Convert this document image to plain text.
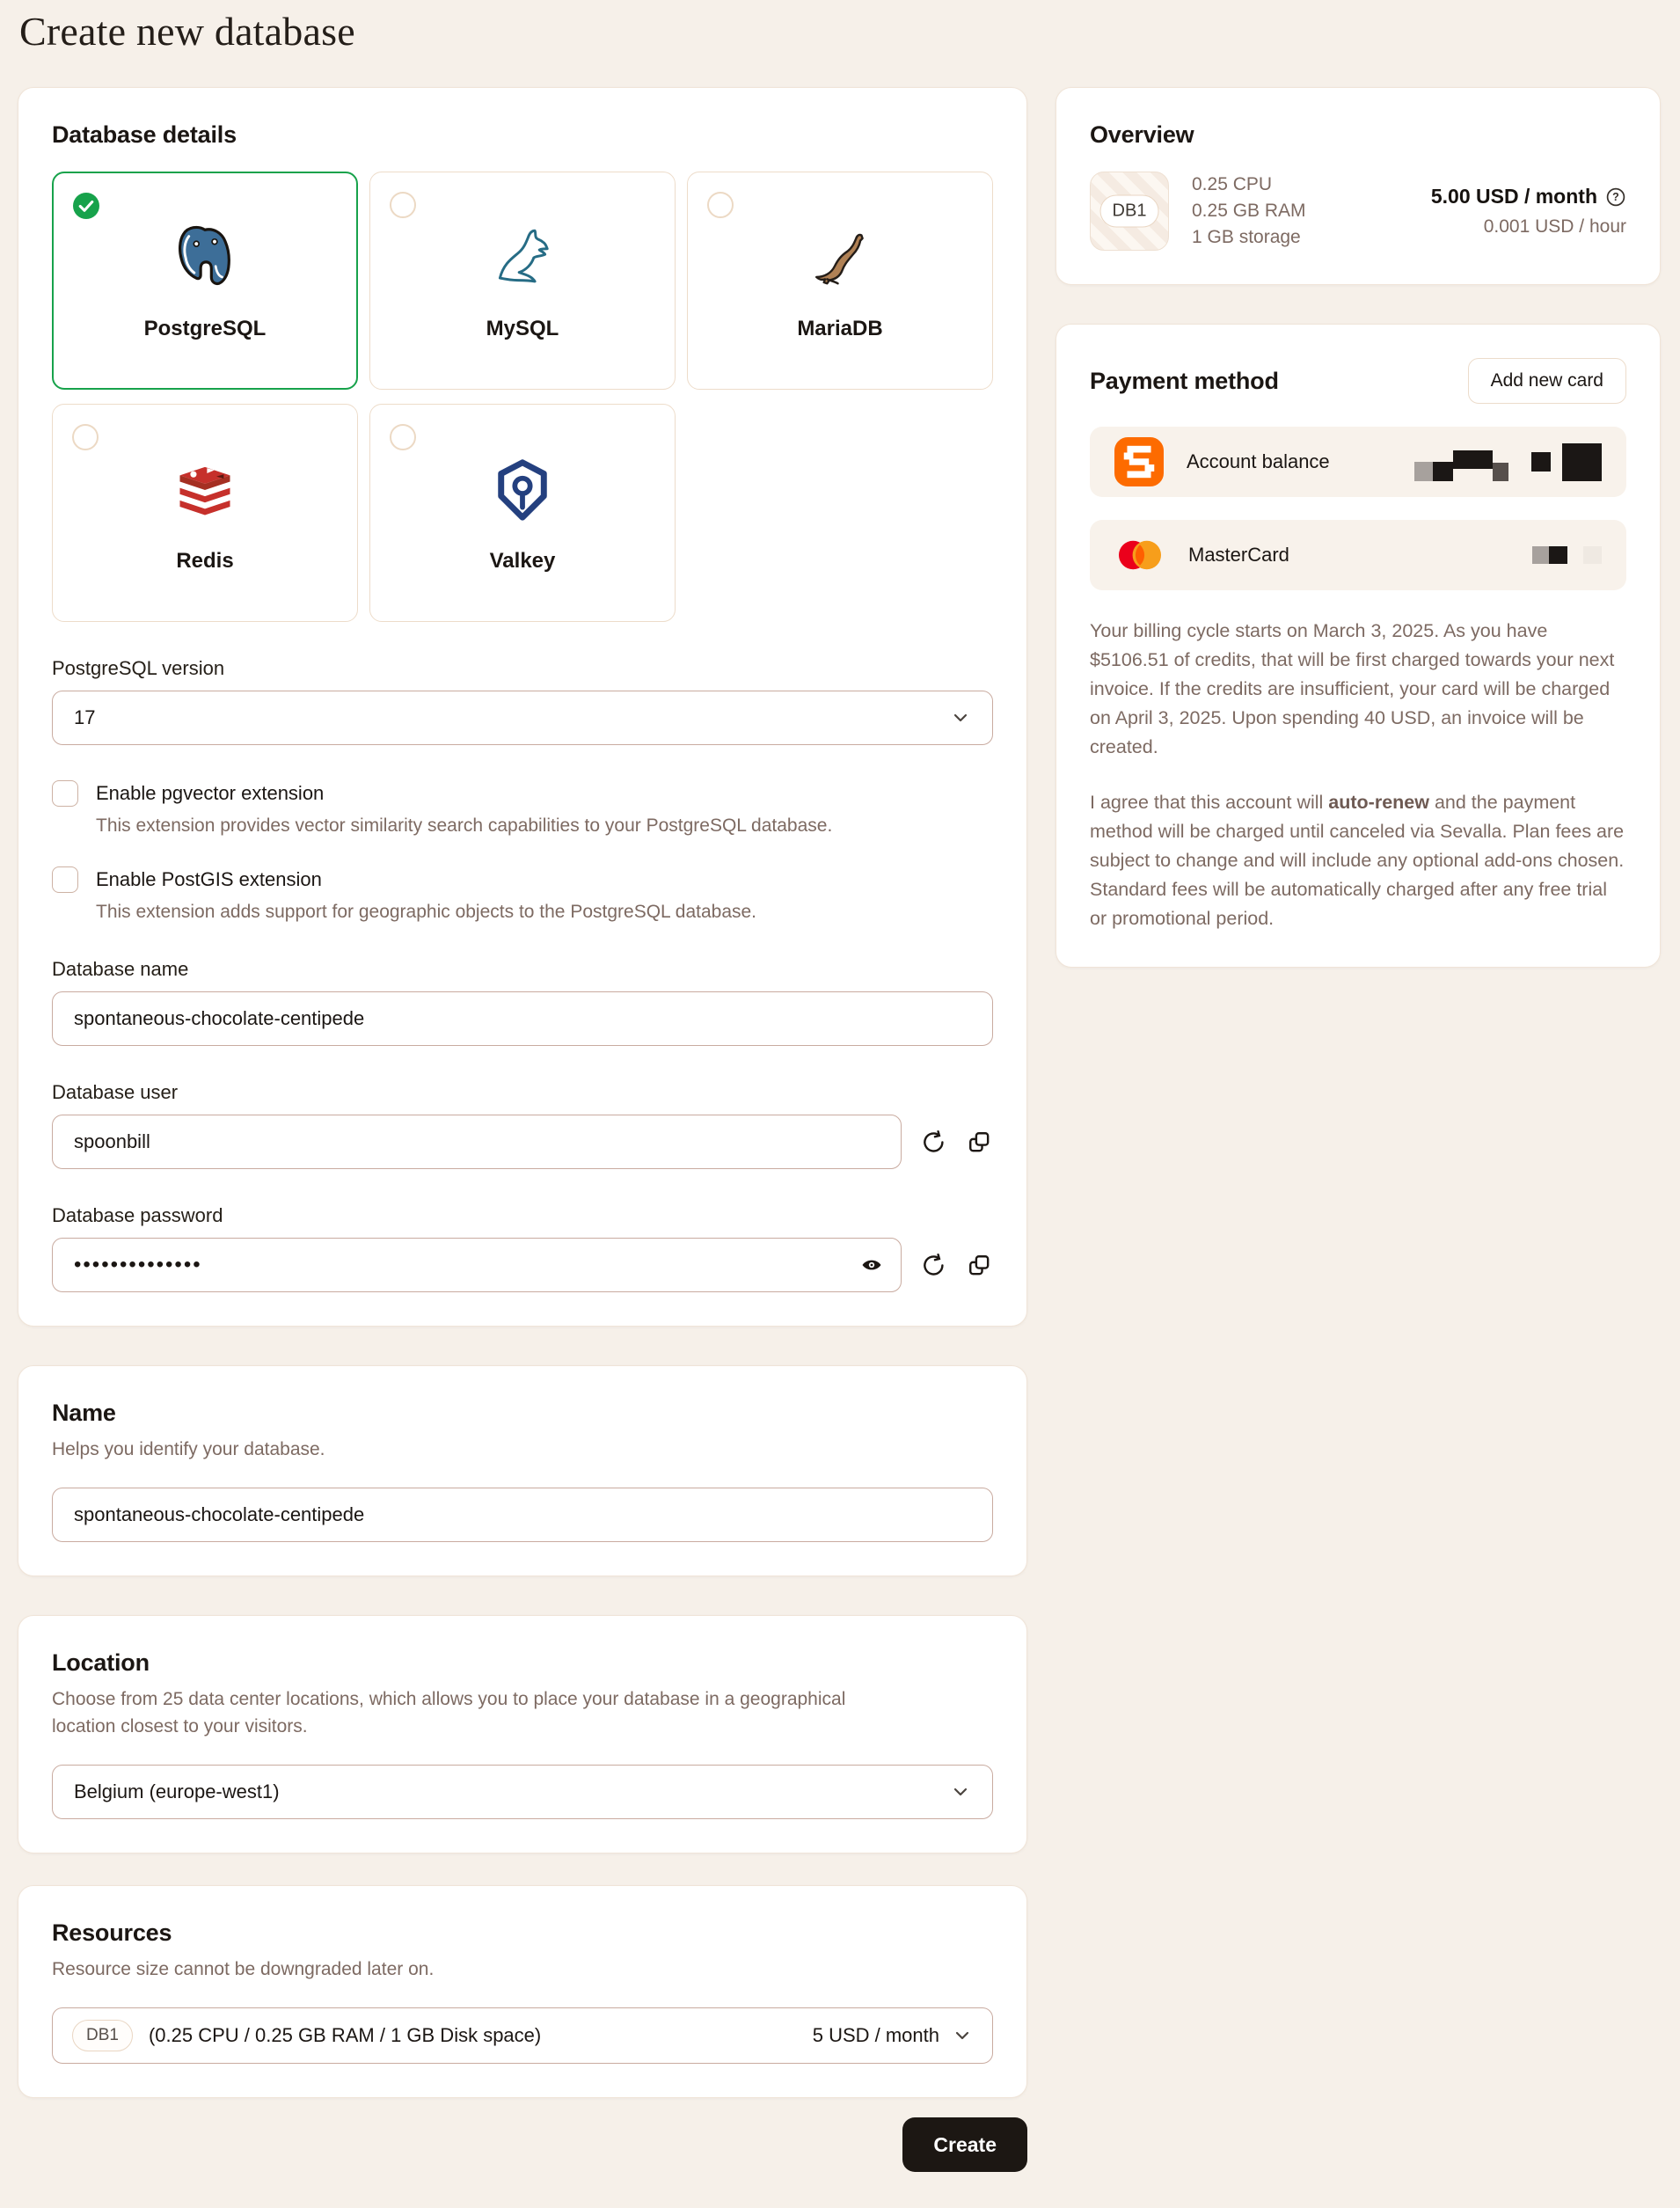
Create new database
Database details
PostgreSQL	MySQL	MariaDB
Redis	Valkey
PostgreSQL version
17
Enable pgvector extension
This extension provides vector similarity search capabilities to your PostgreSQL database.
Enable PostGIS extension
This extension adds support for geographic objects to the PostgreSQL database.
Database name
spontaneous-chocolate-centipede
Database user
spoonbill
Database password
••••••••••••••
Name
Helps you identify your database.
spontaneous-chocolate-centipede
Location
Choose from 25 data center locations, which allows you to place your database in a geographical location closest to your visitors.
Belgium (europe-west1)
Resources
Resource size cannot be downgraded later on.
DB1	(0.25 CPU / 0.25 GB RAM / 1 GB Disk space)	5 USD / month
Create
Overview
DB1
0.25 CPU
0.25 GB RAM
1 GB storage
5.00 USD / month ?
0.001 USD / hour
Payment method	Add new card
Account balance
MasterCard

Your billing cycle starts on March 3, 2025. As you have $5106.51 of credits, that will be first charged towards your next invoice. If the credits are insufficient, your card will be charged on April 3, 2025. Upon spending 40 USD, an invoice will be created.

I agree that this account will auto-renew and the payment method will be charged until canceled via Sevalla. Plan fees are subject to change and will include any optional add-ons chosen. Standard fees will be automatically charged after any free trial or promotional period.
